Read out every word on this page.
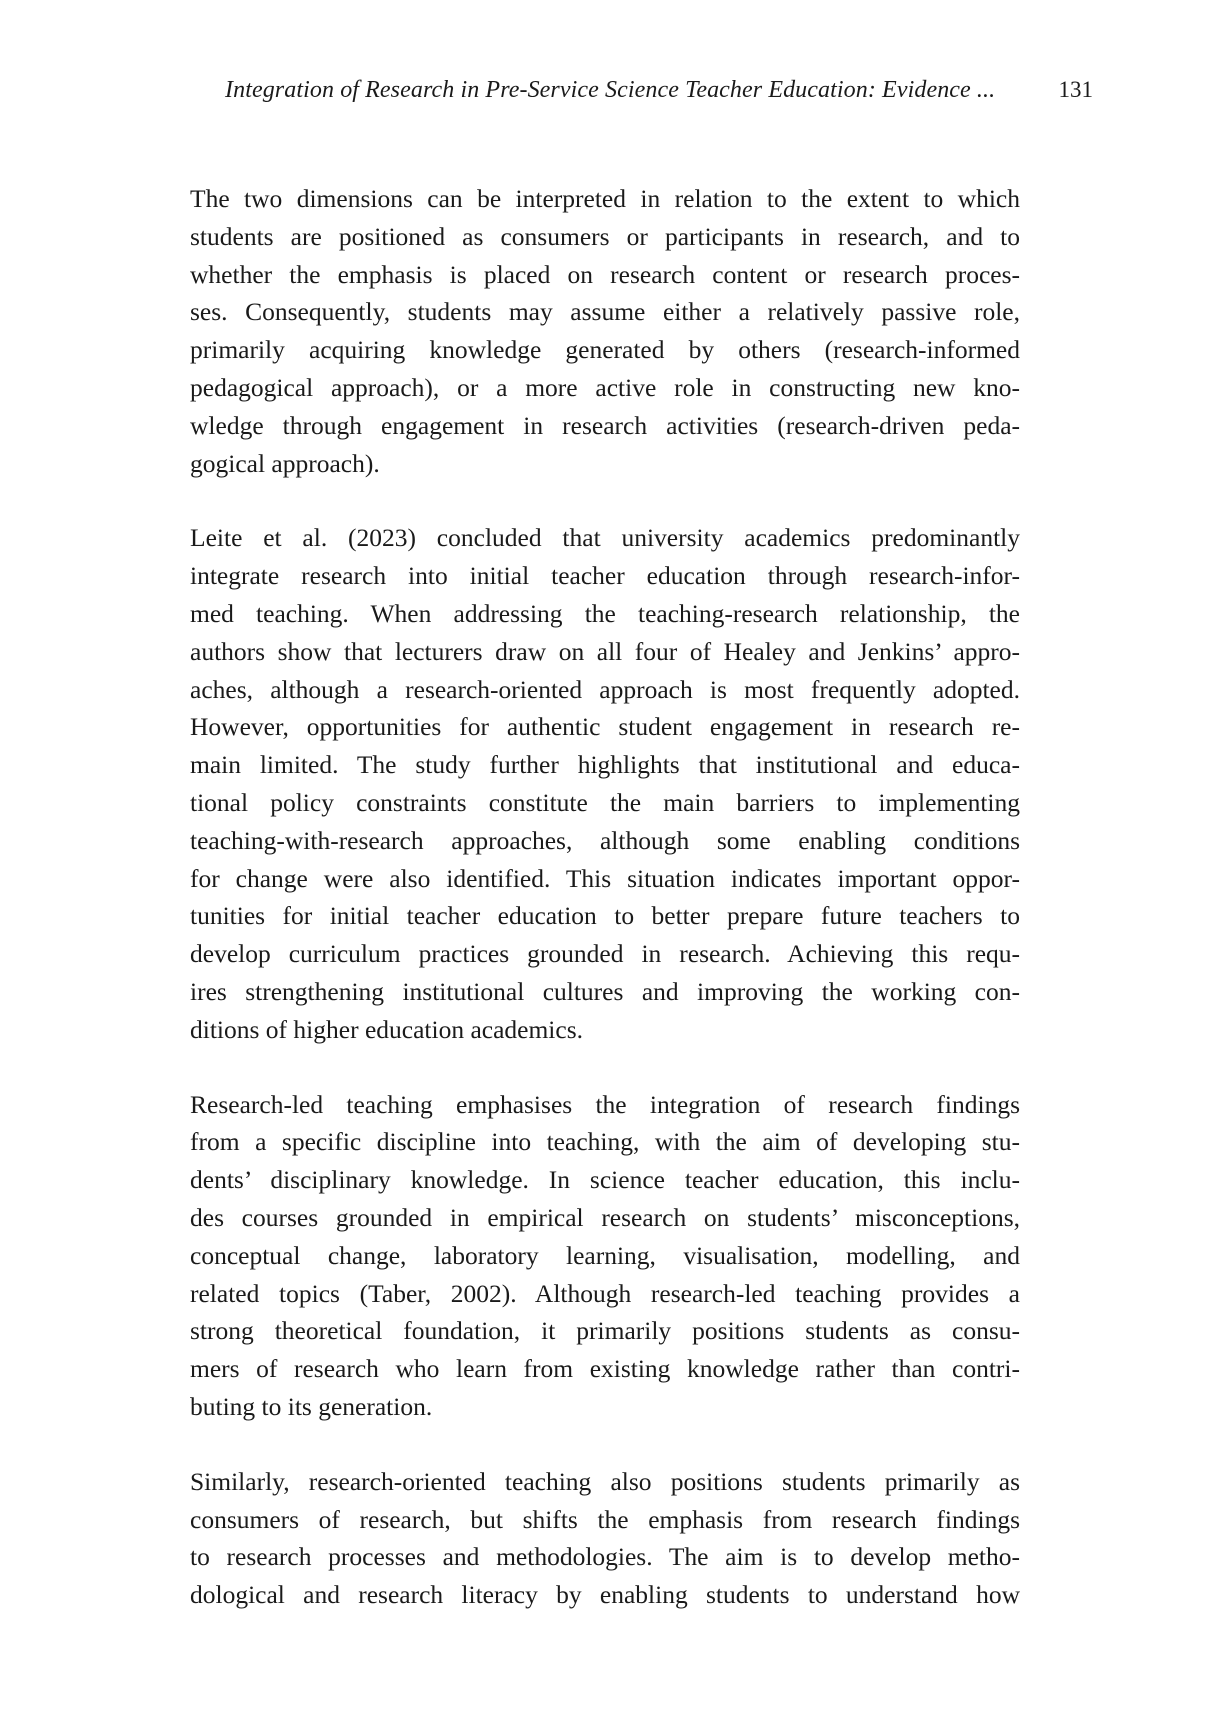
Integration of Research in Pre-Service Science Teacher Education: Evidence ...	131

The two dimensions can be interpreted in relation to the extent to which
students are positioned as consumers or participants in research, and to
whether the emphasis is placed on research content or research proces-
ses. Consequently, students may assume either a relatively passive role,
primarily acquiring knowledge generated by others (research-informed
pedagogical approach), or a more active role in constructing new kno-
wledge through engagement in research activities (research-driven peda-
gogical approach).

Leite et al. (2023) concluded that university academics predominantly
integrate research into initial teacher education through research-infor-
med teaching. When addressing the teaching-research relationship, the
authors show that lecturers draw on all four of Healey and Jenkins’ appro-
aches, although a research-oriented approach is most frequently adopted.
However, opportunities for authentic student engagement in research re-
main limited. The study further highlights that institutional and educa-
tional policy constraints constitute the main barriers to implementing
teaching-with-research approaches, although some enabling conditions
for change were also identified. This situation indicates important oppor-
tunities for initial teacher education to better prepare future teachers to
develop curriculum practices grounded in research. Achieving this requ-
ires strengthening institutional cultures and improving the working con-
ditions of higher education academics.

Research-led teaching emphasises the integration of research findings
from a specific discipline into teaching, with the aim of developing stu-
dents’ disciplinary knowledge. In science teacher education, this inclu-
des courses grounded in empirical research on students’ misconceptions,
conceptual change, laboratory learning, visualisation, modelling, and
related topics (Taber, 2002). Although research-led teaching provides a
strong theoretical foundation, it primarily positions students as consu-
mers of research who learn from existing knowledge rather than contri-
buting to its generation.

Similarly, research-oriented teaching also positions students primarily as
consumers of research, but shifts the emphasis from research findings
to research processes and methodologies. The aim is to develop metho-
dological and research literacy by enabling students to understand how
